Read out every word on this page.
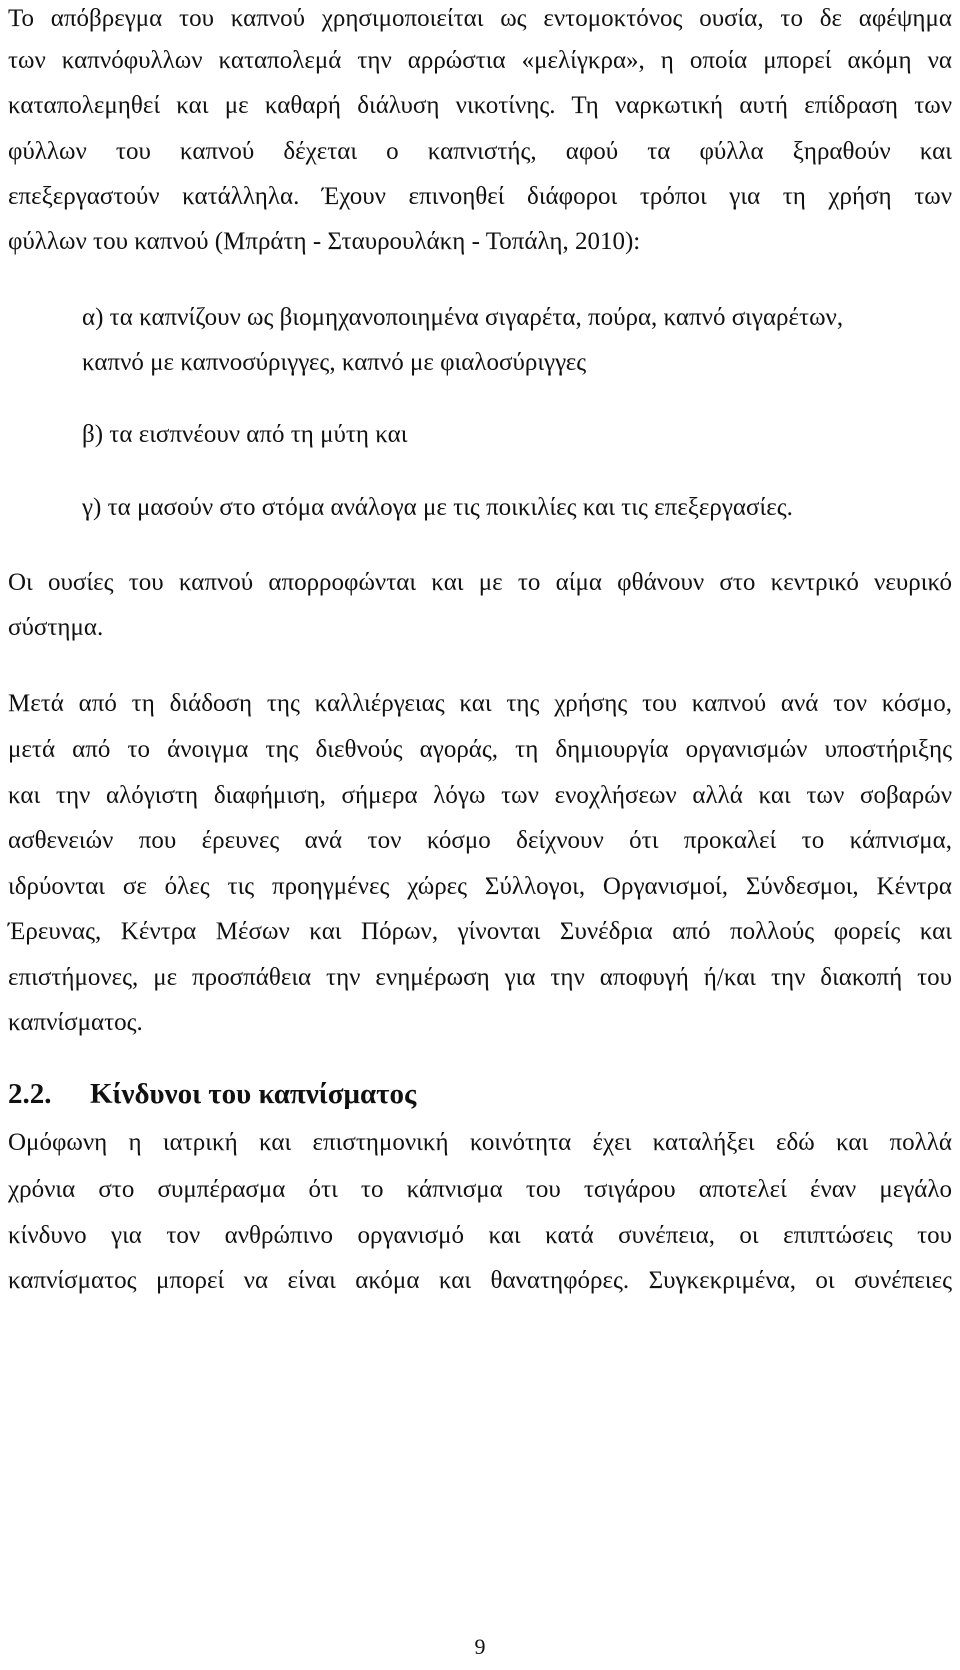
Το απόβρεγμα του καπνού χρησιμοποιείται ως εντομοκτόνος ουσία, το δε αφέψημα
των καπνόφυλλων καταπολεμά την αρρώστια «μελίγκρα», η οποία μπορεί ακόμη να
καταπολεμηθεί και με καθαρή διάλυση νικοτίνης. Τη ναρκωτική αυτή επίδραση των
φύλλων του καπνού δέχεται ο καπνιστής, αφού τα φύλλα ξηραθούν και
επεξεργαστούν κατάλληλα. Έχουν επινοηθεί διάφοροι τρόποι για τη χρήση των
φύλλων του καπνού (Μπράτη - Σταυρουλάκη - Τοπάλη, 2010):
α) τα καπνίζουν ως βιομηχανοποιημένα σιγαρέτα, πούρα, καπνό σιγαρέτων,
καπνό με καπνοσύριγγες, καπνό με φιαλοσύριγγες
β) τα εισπνέουν από τη μύτη και
γ) τα μασούν στο στόμα ανάλογα με τις ποικιλίες και τις επεξεργασίες.
Οι ουσίες του καπνού απορροφώνται και με το αίμα φθάνουν στο κεντρικό νευρικό
σύστημα.
Μετά από τη διάδοση της καλλιέργειας και της χρήσης του καπνού ανά τον κόσμο,
μετά από το άνοιγμα της διεθνούς αγοράς, τη δημιουργία οργανισμών υποστήριξης
και την αλόγιστη διαφήμιση, σήμερα λόγω των ενοχλήσεων αλλά και των σοβαρών
ασθενειών που έρευνες ανά τον κόσμο δείχνουν ότι προκαλεί το κάπνισμα,
ιδρύονται σε όλες τις προηγμένες χώρες Σύλλογοι, Οργανισμοί, Σύνδεσμοι, Κέντρα
Έρευνας, Κέντρα Μέσων και Πόρων, γίνονται Συνέδρια από πολλούς φορείς και
επιστήμονες, με προσπάθεια την ενημέρωση για την αποφυγή ή/και την διακοπή του
καπνίσματος.
2.2. Κίνδυνοι του καπνίσματος
Ομόφωνη η ιατρική και επιστημονική κοινότητα έχει καταλήξει εδώ και πολλά
χρόνια στο συμπέρασμα ότι το κάπνισμα του τσιγάρου αποτελεί έναν μεγάλο
κίνδυνο για τον ανθρώπινο οργανισμό και κατά συνέπεια, οι επιπτώσεις του
καπνίσματος μπορεί να είναι ακόμα και θανατηφόρες. Συγκεκριμένα, οι συνέπειες
9
